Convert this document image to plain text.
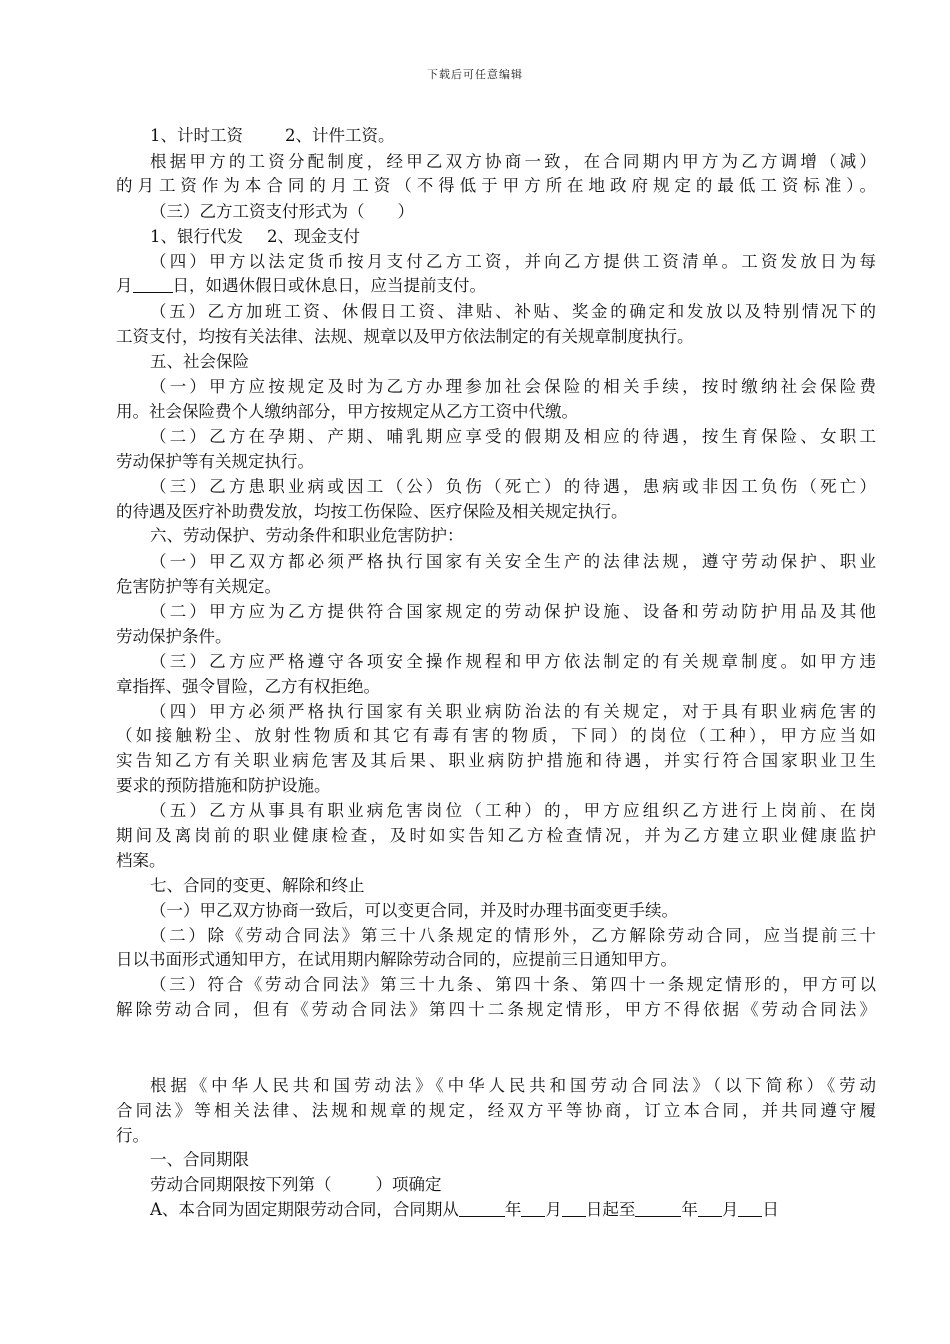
下载后可任意编辑
1、计时工资	2、计件工资。
根据甲方的工资分配制度，经甲乙双方协商一致，在合同期内甲方为乙方调增（减）
的月工资作为本合同的月工资（不得低于甲方所在地政府规定的最低工资标准）。
（三）乙方工资支付形式为（　　）
1、银行代发 2、现金支付
（四）甲方以法定货币按月支付乙方工资，并向乙方提供工资清单。工资发放日为每
月 日，如遇休假日或休息日，应当提前支付。
（五）乙方加班工资、休假日工资、津贴、补贴、奖金的确定和发放以及特别情况下的
工资支付，均按有关法律、法规、规章以及甲方依法制定的有关规章制度执行。
五、社会保险
（一）甲方应按规定及时为乙方办理参加社会保险的相关手续，按时缴纳社会保险费
用。社会保险费个人缴纳部分，甲方按规定从乙方工资中代缴。
（二）乙方在孕期、产期、哺乳期应享受的假期及相应的待遇，按生育保险、女职工
劳动保护等有关规定执行。
（三）乙方患职业病或因工（公）负伤（死亡）的待遇，患病或非因工负伤（死亡）
的待遇及医疗补助费发放，均按工伤保险、医疗保险及相关规定执行。
六、劳动保护、劳动条件和职业危害防护：
（一）甲乙双方都必须严格执行国家有关安全生产的法律法规，遵守劳动保护、职业
危害防护等有关规定。
（二）甲方应为乙方提供符合国家规定的劳动保护设施、设备和劳动防护用品及其他
劳动保护条件。
（三）乙方应严格遵守各项安全操作规程和甲方依法制定的有关规章制度。如甲方违
章指挥、强令冒险，乙方有权拒绝。
（四）甲方必须严格执行国家有关职业病防治法的有关规定，对于具有职业病危害的
（如接触粉尘、放射性物质和其它有毒有害的物质，下同）的岗位（工种），甲方应当如
实告知乙方有关职业病危害及其后果、职业病防护措施和待遇，并实行符合国家职业卫生
要求的预防措施和防护设施。
（五）乙方从事具有职业病危害岗位（工种）的，甲方应组织乙方进行上岗前、在岗
期间及离岗前的职业健康检查，及时如实告知乙方检查情况，并为乙方建立职业健康监护
档案。
七、合同的变更、解除和终止
（一）甲乙双方协商一致后，可以变更合同，并及时办理书面变更手续。
（二）除《劳动合同法》第三十八条规定的情形外，乙方解除劳动合同，应当提前三十
日以书面形式通知甲方，在试用期内解除劳动合同的，应提前三日通知甲方。
（三）符合《劳动合同法》第三十九条、第四十条、第四十一条规定情形的，甲方可以
解除劳动合同，但有《劳动合同法》第四十二条规定情形，甲方不得依据《劳动合同法》
根据《中华人民共和国劳动法》《中华人民共和国劳动合同法》（以下简称）《劳动
合同法》等相关法律、法规和规章的规定，经双方平等协商，订立本合同，并共同遵守履
行。
一、合同期限
劳动合同期限按下列第（	）项确定
A、本合同为固定期限劳动合同，合同期从	年 月 日起至	年 月 日
